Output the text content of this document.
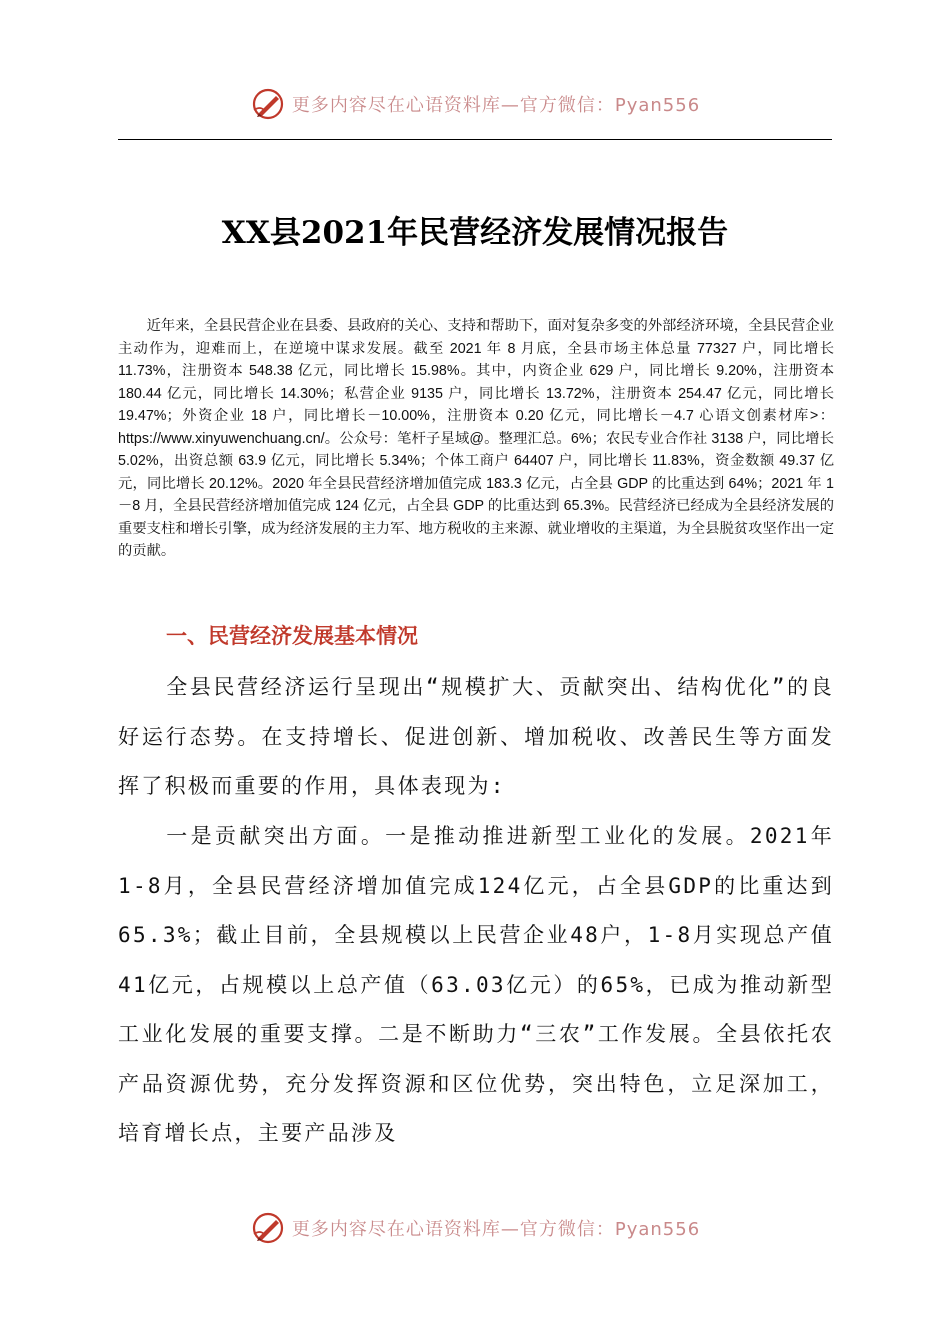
更多内容尽在心语资料库—官方微信：Pyan556
XX县2021年民营经济发展情况报告

近年来，全县民营企业在县委、县政府的关心、支持和帮助下，面对复杂多变的外部经济环境，全县民营企业主动作为，迎难而上，在逆境中谋求发展。截至 2021 年 8 月底，全县市场主体总量 77327 户，同比增长 11.73%，注册资本 548.38 亿元，同比增长 15.98%。其中，内资企业 629 户，同比增长 9.20%，注册资本 180.44 亿元，同比增长 14.30%；私营企业 9135 户，同比增长 13.72%，注册资本 254.47 亿元，同比增长 19.47%；外资企业 18 户，同比增长－10.00%，注册资本 0.20 亿元，同比增长－4.7 心语文创素材库>：https://www.xinyuwenchuang.cn/。公众号：笔杆子星域@。整理汇总。6%；农民专业合作社 3138 户，同比增长 5.02%，出资总额 63.9 亿元，同比增长 5.34%；个体工商户 64407 户，同比增长 11.83%，资金数额 49.37 亿元，同比增长 20.12%。2020 年全县民营经济增加值完成 183.3 亿元，占全县 GDP 的比重达到 64%；2021 年 1－8 月，全县民营经济增加值完成 124 亿元，占全县 GDP 的比重达到 65.3%。民营经济已经成为全县经济发展的重要支柱和增长引擎，成为经济发展的主力军、地方税收的主来源、就业增收的主渠道，为全县脱贫攻坚作出一定的贡献。

一、民营经济发展基本情况

全县民营经济运行呈现出“规模扩大、贡献突出、结构优化”的良好运行态势。在支持增长、促进创新、增加税收、改善民生等方面发挥了积极而重要的作用，具体表现为:

一是贡献突出方面。一是推动推进新型工业化的发展。2021年1-8月，全县民营经济增加值完成124亿元，占全县GDP的比重达到65.3%；截止目前，全县规模以上民营企业48户，1-8月实现总产值41亿元，占规模以上总产值（63.03亿元）的65%，已成为推动新型工业化发展的重要支撑。二是不断助力“三农”工作发展。全县依托农产品资源优势，充分发挥资源和区位优势，突出特色，立足深加工，培育增长点，主要产品涉及

更多内容尽在心语资料库—官方微信：Pyan556
